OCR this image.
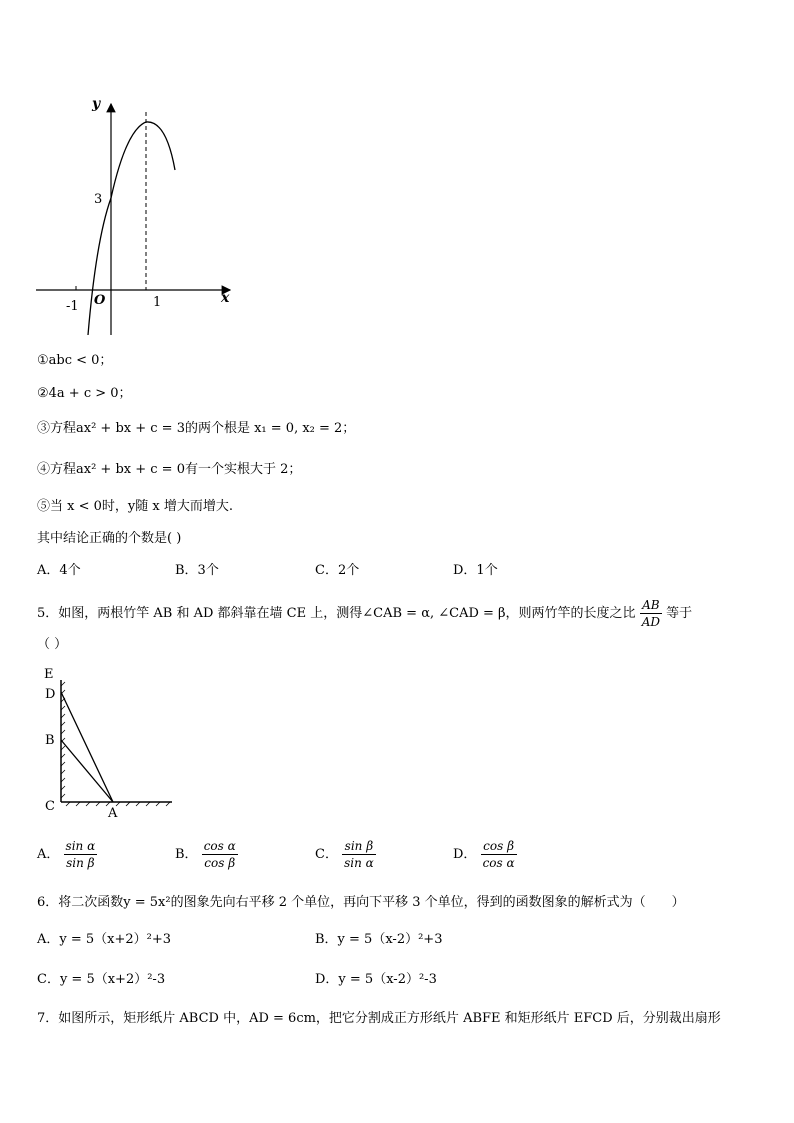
y
x
O
-1	1
3
①abc < 0；
②4a + c > 0；
③方程ax² + bx + c = 3的两个根是 x₁ = 0, x₂ = 2；
④方程ax² + bx + c = 0有一个实根大于 2；
⑤当 x < 0时，y随 x 增大而增大.
其中结论正确的个数是( )
A．4个	B．3个	C．2个	D．1个
5．如图，两根竹竿 AB 和 AD 都斜靠在墙 CE 上，测得∠CAB = α, ∠CAD = β，则两竹竿的长度之比 $\frac{AB}{AD}$ 等于
（ ）
E
D
B
C	A
A． $\frac{\text{sin α}}{\text{sin β}}$	B． $\frac{\text{cos α}}{\text{cos β}}$	C． $\frac{\text{sin β}}{\text{sin α}}$	D． $\frac{\text{cos β}}{\text{cos α}}$
6．将二次函数y = 5x²的图象先向右平移 2 个单位，再向下平移 3 个单位，得到的函数图象的解析式为（　　）
A．y = 5（x+2）²+3	B．y = 5（x-2）²+3
C．y = 5（x+2）²-3	D．y = 5（x-2）²-3
7．如图所示，矩形纸片 ABCD 中，AD = 6cm，把它分割成正方形纸片 ABFE 和矩形纸片 EFCD 后，分别裁出扇形
